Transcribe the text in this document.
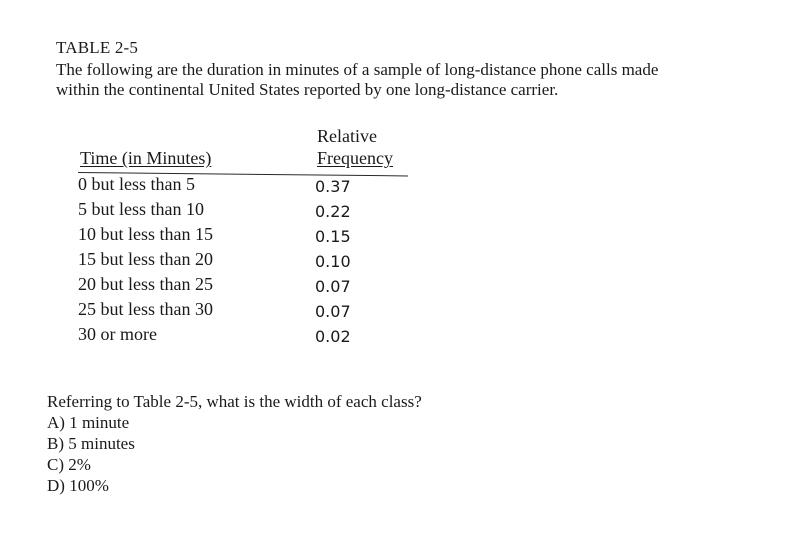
TABLE 2-5
The following are the duration in minutes of a sample of long-distance phone calls made
within the continental United States reported by one long-distance carrier.
Relative
Time (in Minutes)	Frequency
0 but less than 5	0.37
5 but less than 10	0.22
10 but less than 15	0.15
15 but less than 20	0.10
20 but less than 25	0.07
25 but less than 30	0.07
30 or more	0.02
Referring to Table 2-5, what is the width of each class?
A) 1 minute
B) 5 minutes
C) 2%
D) 100%
